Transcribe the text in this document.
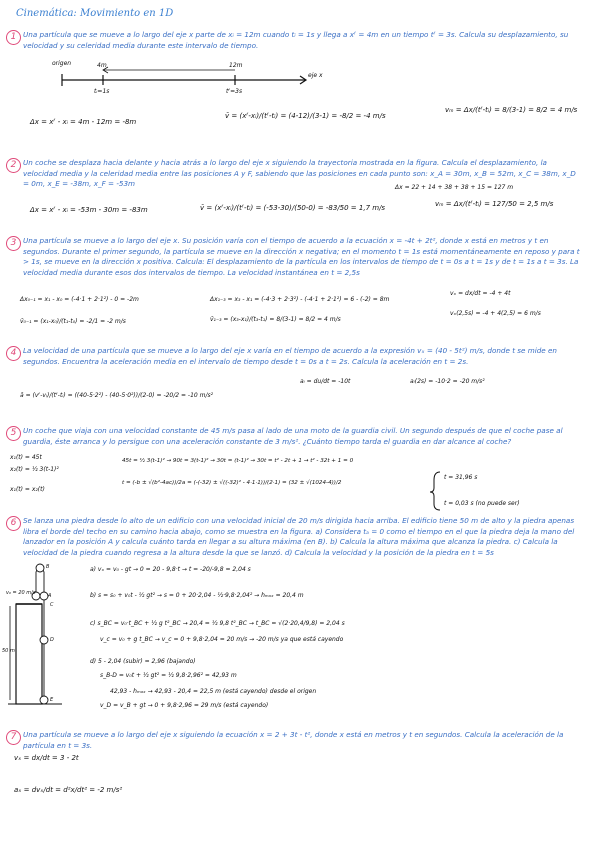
Cinemática: Movimiento en 1D
1 Una partícula que se mueve a lo largo del eje x parte de xᵢ = 12m cuando tᵢ = 1s y llega a xᶠ = 4m en un tiempo tᶠ = 3s. Calcula su desplazamiento, su velocidad y su celeridad media durante este intervalo de tiempo.
origen
eje x
4m	12m
tᵢ=1s	tᶠ=3s
Δx = xᶠ - xᵢ = 4m - 12m = -8m
v̄ = (xᶠ-xᵢ)/(tᶠ-tᵢ) = (4-12)/(3-1) = -8/2 = -4 m/s
vₘ = Δx/(tᶠ-tᵢ) = 8/(3-1) = 8/2 = 4 m/s
2 Un coche se desplaza hacia delante y hacia atrás a lo largo del eje x siguiendo la trayectoria mostrada en la figura. Calcula el desplazamiento, la velocidad media y la celeridad media entre las posiciones A y F, sabiendo que las posiciones en cada punto son: x_A = 30m, x_B = 52m, x_C = 38m, x_D = 0m, x_E = -38m, x_F = -53m	Δx = 22 + 14 + 38 + 38 + 15 = 127 m
Δx = xᶠ - xᵢ = -53m - 30m = -83m	v̄ = (xᶠ-xᵢ)/(tᶠ-tᵢ) = (-53-30)/(50-0) = -83/50 = 1,7 m/s	vₘ = Δx/(tᶠ-tᵢ) = 127/50 = 2,5 m/s
3 Una partícula se mueve a lo largo del eje x. Su posición varía con el tiempo de acuerdo a la ecuación x = -4t + 2t², donde x está en metros y t en segundos. Durante el primer segundo, la partícula se mueve en la dirección x negativa; en el momento t = 1s está momentáneamente en reposo y para t > 1s, se mueve en la dirección x positiva. Calcula: El desplazamiento de la partícula en los intervalos de tiempo de t = 0s a t = 1s y de t = 1s a t = 3s. La velocidad media durante esos dos intervalos de tiempo. La velocidad instantánea en t = 2,5s
Δx₀₋₁ = x₁ - x₀ = (-4·1 + 2·1²) - 0 = -2m	Δx₁₋₃ = x₃ - x₁ = (-4·3 + 2·3²) - (-4·1 + 2·1²) = 6 - (-2) = 8m
vₓ = dx/dt = -4 + 4t
v̄₀₋₁ = (x₁-x₀)/(t₁-t₀) = -2/1 = -2 m/s	v̄₁₋₃ = (x₃-x₁)/(t₃-t₁) = 8/(3-1) = 8/2 = 4 m/s
vₓ(2,5s) = -4 + 4(2,5) = 6 m/s
4 La velocidad de una partícula que se mueve a lo largo del eje x varía en el tiempo de acuerdo a la expresión vₓ = (40 - 5t²) m/s, donde t se mide en segundos. Encuentra la aceleración media en el intervalo de tiempo desde t = 0s a t = 2s. Calcula la aceleración en t = 2s.
ā = (vᶠ-vᵢ)/(tᶠ-tᵢ) = ((40-5·2²) - (40-5·0²))/(2-0) = -20/2 = -10 m/s²
aᵢ = du/dt = -10t	aᵢ(2s) = -10·2 = -20 m/s²
5 Un coche que viaja con una velocidad constante de 45 m/s pasa al lado de una moto de la guardia civil. Un segundo después de que el coche pase al guardia, éste arranca y lo persigue con una aceleración constante de 3 m/s². ¿Cuánto tiempo tarda el guardia en dar alcance al coche?
x₁(t) = 45t
x₂(t) = ½ 3(t-1)²
x₁(t) = x₂(t)
45t = ½ 3(t-1)² → 90t = 3(t-1)² → 30t = (t-1)² → 30t = t² - 2t + 1 → t² - 32t + 1 = 0
t = (-b ± √(b²-4ac))/2a = (-(-32) ± √((-32)² - 4·1·1))/(2·1) = (32 ± √(1024-4))/2
t = 31,96 s
t = 0,03 s (no puede ser)
6 Se lanza una piedra desde lo alto de un edificio con una velocidad inicial de 20 m/s dirigida hacia arriba. El edificio tiene 50 m de alto y la piedra apenas libra el borde del techo en su camino hacia abajo, como se muestra en la figura. a) Considera tₐ = 0 como el tiempo en el que la piedra deja la mano del lanzador en la posición A y calcula cuánto tarda en llegar a su altura máxima (en B). b) Calcula la altura máxima que alcanza la piedra. c) Calcula la velocidad de la piedra cuando regresa a la altura desde la que se lanzó. d) Calcula la velocidad y la posición de la piedra en t = 5s
v₀ = 20 m/s
50 m
A
B
C
D
E
a) vₓ = v₀ - gt → 0 = 20 - 9,8·t → t = -20/-9,8 = 2,04 s
b) s = s₀ + v₀t - ½ gt² → s = 0 + 20·2,04 - ½·9,8·2,04² → hₘₐₓ = 20,4 m
c) s_BC = v₀·t_BC + ½ g t²_BC → 20,4 = ½ 9,8 t²_BC → t_BC = √(2·20,4/9,8) = 2,04 s
v_c = v₀ + g t_BC → v_c = 0 + 9,8·2,04 = 20 m/s → -20 m/s ya que está cayendo
d) 5 - 2,04 (subir) = 2,96 (bajando)
s_B-D = v₀t + ½ gt² = ½ 9,8·2,96² = 42,93 m
42,93 - hₘₐₓ → 42,93 - 20,4 = 22,5 m (está cayendo) desde el origen
v_D = v_B + gt → 0 + 9,8·2,96 = 29 m/s (está cayendo)
7 Una partícula se mueve a lo largo del eje x siguiendo la ecuación x = 2 + 3t - t², donde x está en metros y t en segundos. Calcula la aceleración de la partícula en t = 3s.
vₓ = dx/dt = 3 - 2t
aₓ = dvₓ/dt = d²x/dt² = -2 m/s²
